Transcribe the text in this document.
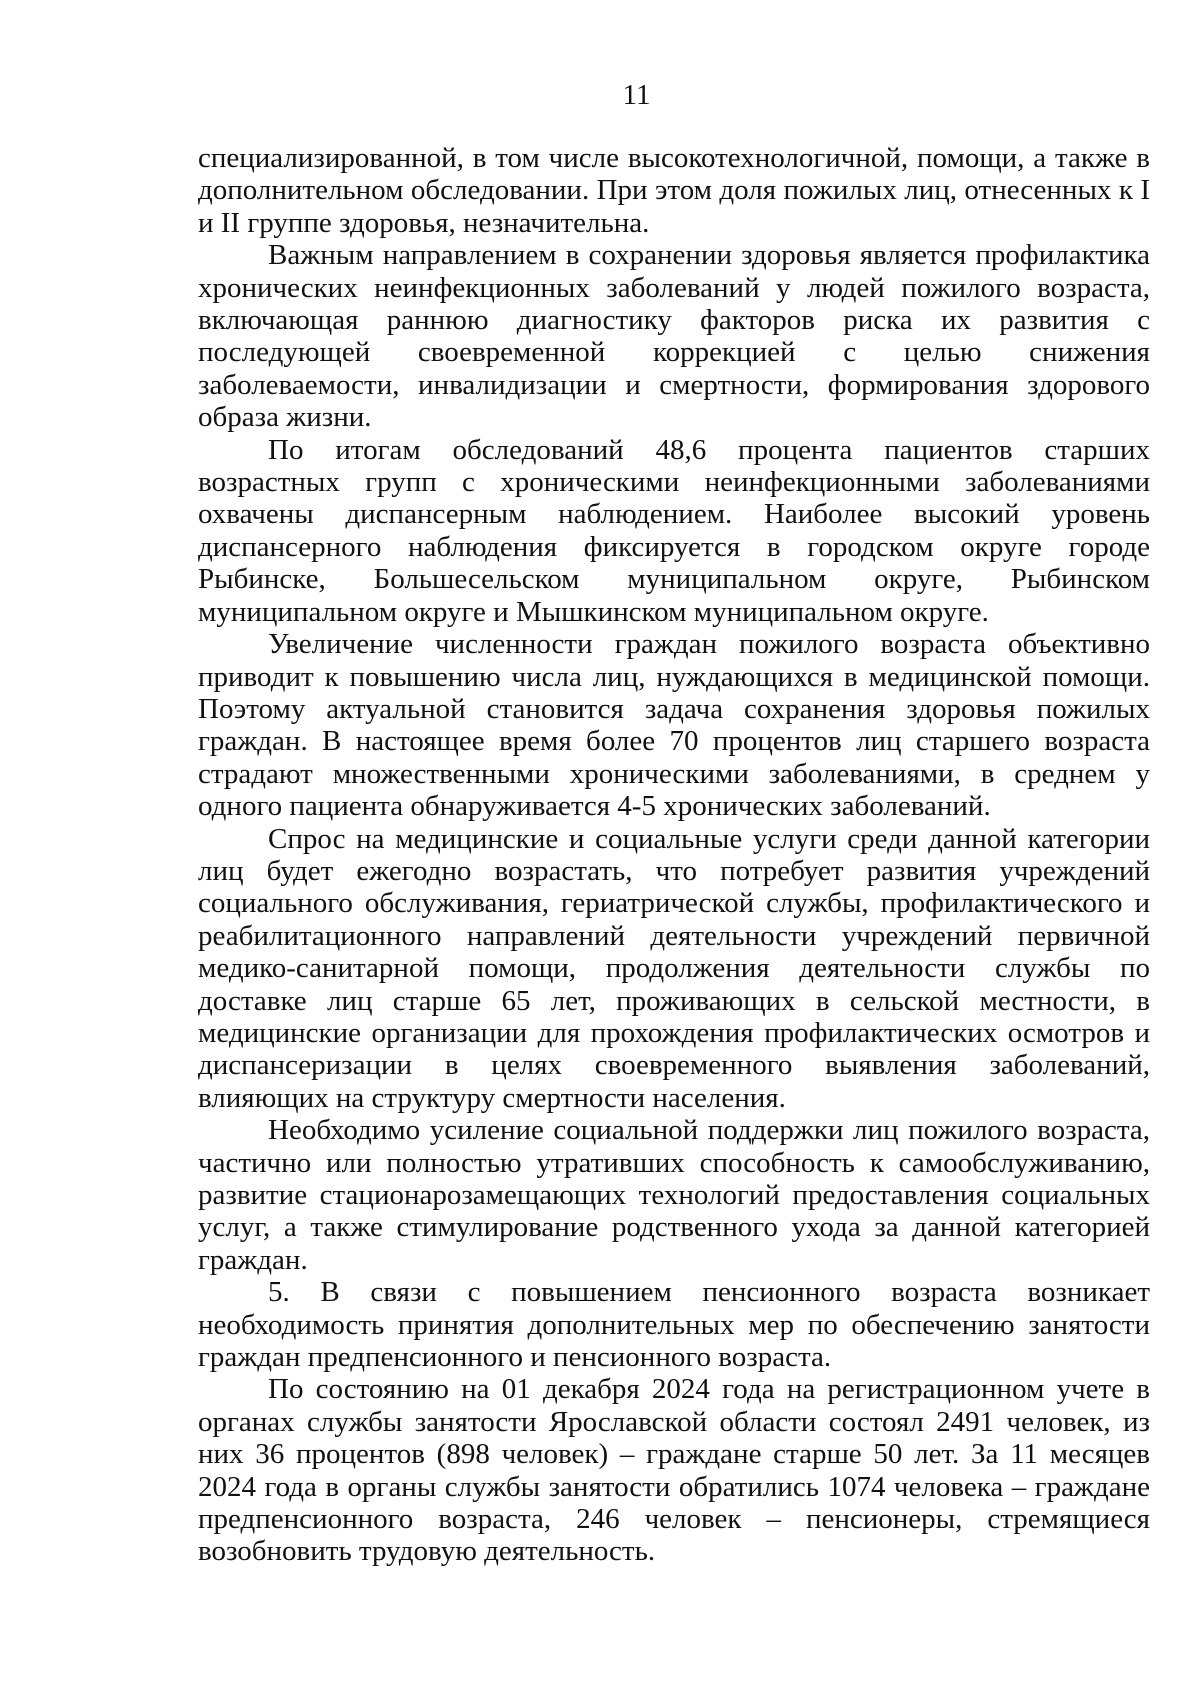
11

специализированной, в том числе высокотехнологичной, помощи, а также в дополнительном обследовании. При этом доля пожилых лиц, отнесенных к I и II группе здоровья, незначительна.

Важным направлением в сохранении здоровья является профилактика хронических неинфекционных заболеваний у людей пожилого возраста, включающая раннюю диагностику факторов риска их развития с последующей своевременной коррекцией с целью снижения заболеваемости, инвалидизации и смертности, формирования здорового образа жизни.

По итогам обследований 48,6 процента пациентов старших возрастных групп с хроническими неинфекционными заболеваниями охвачены диспансерным наблюдением. Наиболее высокий уровень диспансерного наблюдения фиксируется в городском округе городе Рыбинске, Большесельском муниципальном округе, Рыбинском муниципальном округе и Мышкинском муниципальном округе.

Увеличение численности граждан пожилого возраста объективно приводит к повышению числа лиц, нуждающихся в медицинской помощи. Поэтому актуальной становится задача сохранения здоровья пожилых граждан. В настоящее время более 70 процентов лиц старшего возраста страдают множественными хроническими заболеваниями, в среднем у одного пациента обнаруживается 4-5 хронических заболеваний.

Спрос на медицинские и социальные услуги среди данной категории лиц будет ежегодно возрастать, что потребует развития учреждений социального обслуживания, гериатрической службы, профилактического и реабилитационного направлений деятельности учреждений первичной медико-санитарной помощи, продолжения деятельности службы по доставке лиц старше 65 лет, проживающих в сельской местности, в медицинские организации для прохождения профилактических осмотров и диспансеризации в целях своевременного выявления заболеваний, влияющих на структуру смертности населения.

Необходимо усиление социальной поддержки лиц пожилого возраста, частично или полностью утративших способность к самообслуживанию, развитие стационарозамещающих технологий предоставления социальных услуг, а также стимулирование родственного ухода за данной категорией граждан.

5. В связи с повышением пенсионного возраста возникает необходимость принятия дополнительных мер по обеспечению занятости граждан предпенсионного и пенсионного возраста.

По состоянию на 01 декабря 2024 года на регистрационном учете в органах службы занятости Ярославской области состоял 2491 человек, из них 36 процентов (898 человек) – граждане старше 50 лет. За 11 месяцев 2024 года в органы службы занятости обратились 1074 человека – граждане предпенсионного возраста, 246 человек – пенсионеры, стремящиеся возобновить трудовую деятельность.
